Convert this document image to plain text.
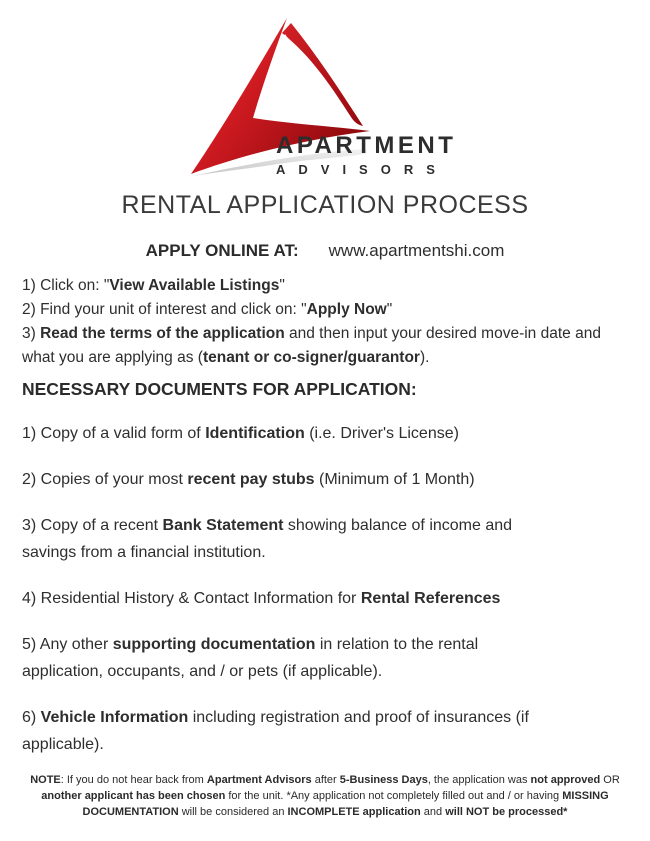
APARTMENT
ADVISORS
RENTAL APPLICATION PROCESS
APPLY ONLINE AT: www.apartmentshi.com

1) Click on: "View Available Listings"

2) Find your unit of interest and click on: "Apply Now"

3) Read the terms of the application and then input your desired move-in date and
what you are applying as (tenant or co-signer/guarantor).

NECESSARY DOCUMENTS FOR APPLICATION:

1) Copy of a valid form of Identification (i.e. Driver's License)

2) Copies of your most recent pay stubs (Minimum of 1 Month)

3) Copy of a recent Bank Statement showing balance of income and
savings from a financial institution.

4) Residential History & Contact Information for Rental References

5) Any other supporting documentation in relation to the rental
application, occupants, and / or pets (if applicable).

6) Vehicle Information including registration and proof of insurances (if
applicable).

NOTE: If you do not hear back from Apartment Advisors after 5-Business Days, the application was not approved OR
another applicant has been chosen for the unit. *Any application not completely filled out and / or having MISSING
DOCUMENTATION will be considered an INCOMPLETE application and will NOT be processed*
